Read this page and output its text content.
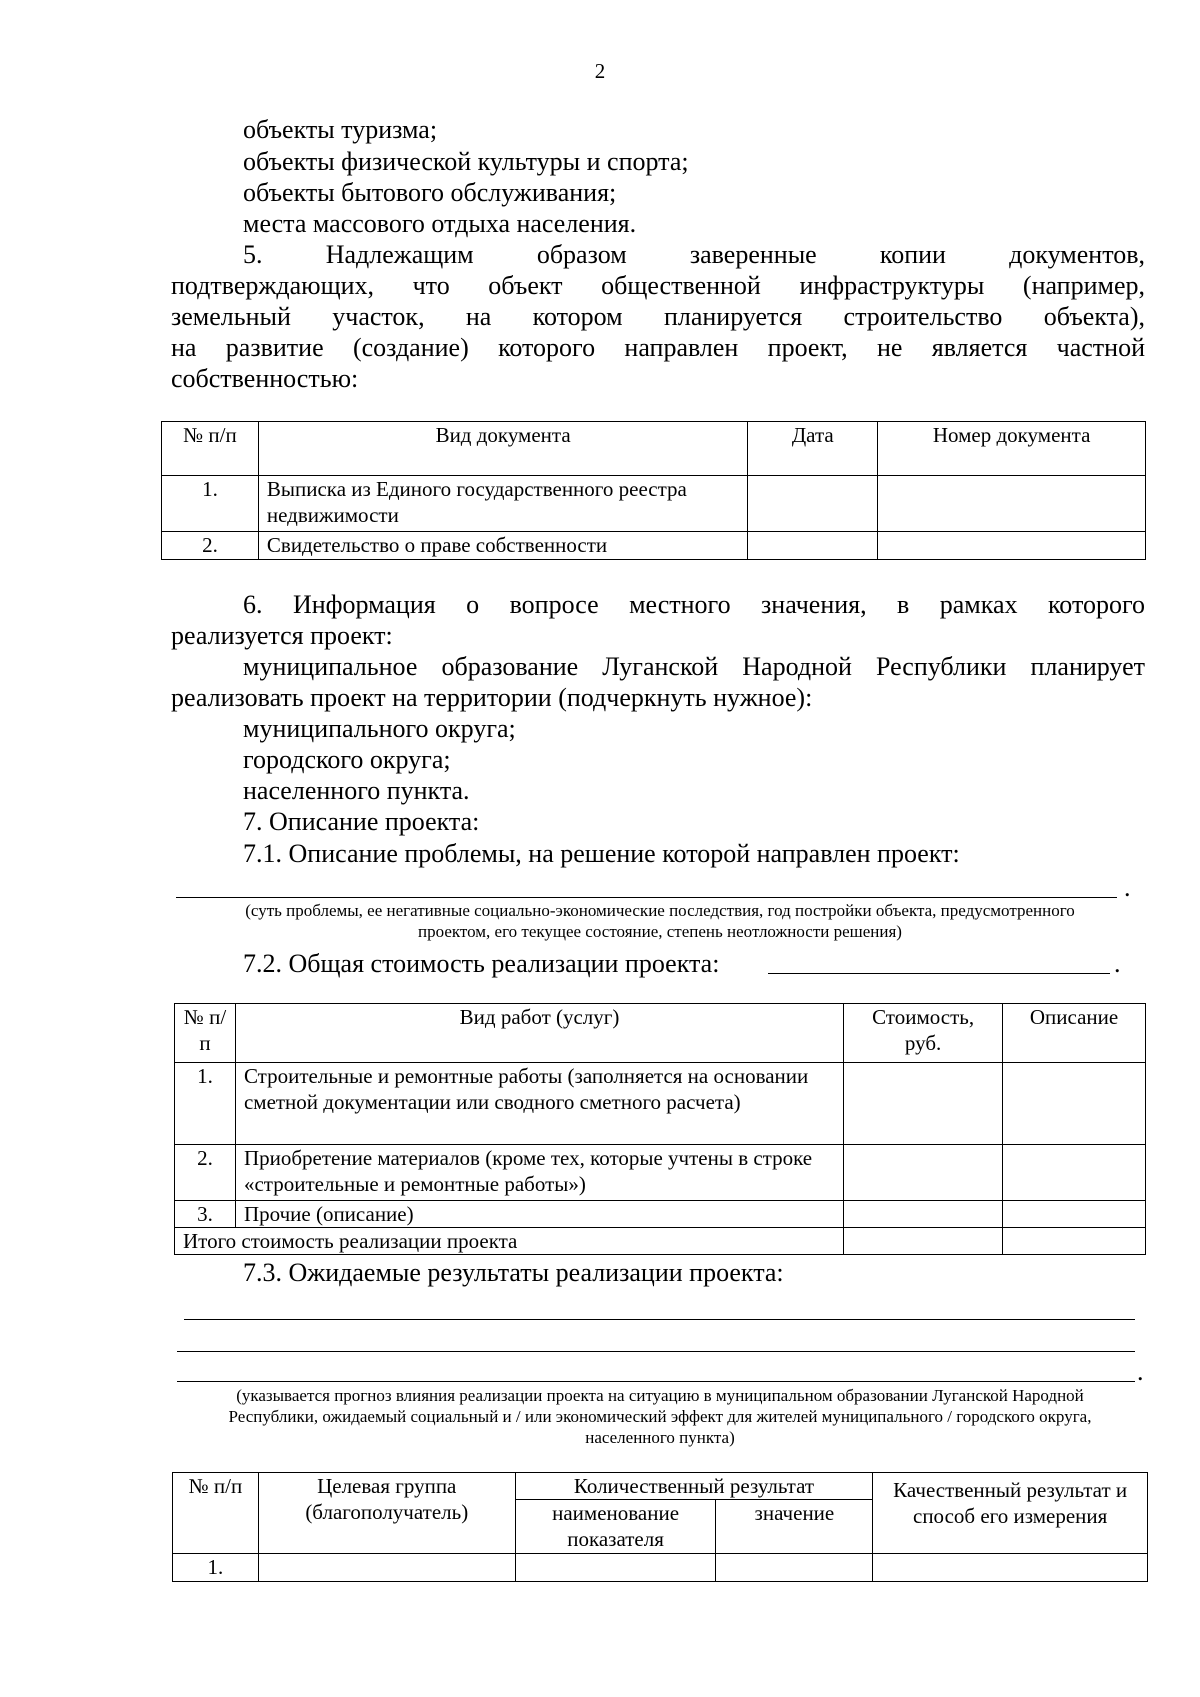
2
объекты туризма;
объекты физической культуры и спорта;
объекты бытового обслуживания;
места массового отдыха населения.
5. Надлежащим образом заверенные копии документов,
подтверждающих, что объект общественной инфраструктуры (например,
земельный участок, на котором планируется строительство объекта),
на развитие (создание) которого направлен проект, не является частной
собственностью:
№ п/п	Вид документа	Дата	Номер документа
1.	Выписка из Единого государственного реестра недвижимости		
2.	Свидетельство о праве собственности		
6. Информация о вопросе местного значения, в рамках которого
реализуется проект:
муниципальное образование Луганской Народной Республики планирует
реализовать проект на территории (подчеркнуть нужное):
муниципального округа;
городского округа;
населенного пункта.
7. Описание проекта:
7.1. Описание проблемы, на решение которой направлен проект:
.
(суть проблемы, ее негативные социально-экономические последствия, год постройки объекта, предусмотренного проектом, его текущее состояние, степень неотложности решения)
7.2. Общая стоимость реализации проекта:	.
№ п/п	Вид работ (услуг)	Стоимость, руб.	Описание
1.	Строительные и ремонтные работы (заполняется на основании сметной документации или сводного сметного расчета)		
2.	Приобретение материалов (кроме тех, которые учтены в строке «строительные и ремонтные работы»)		
3.	Прочие (описание)		
Итого стоимость реализации проекта			
7.3. Ожидаемые результаты реализации проекта:
.
(указывается прогноз влияния реализации проекта на ситуацию в муниципальном образовании Луганской Народной Республики, ожидаемый социальный и / или экономический эффект для жителей муниципального / городского округа, населенного пункта)
№ п/п	Целевая группа (благополучатель)	Количественный результат		Качественный результат и способ его измерения
		наименование показателя	значение	
1.				
